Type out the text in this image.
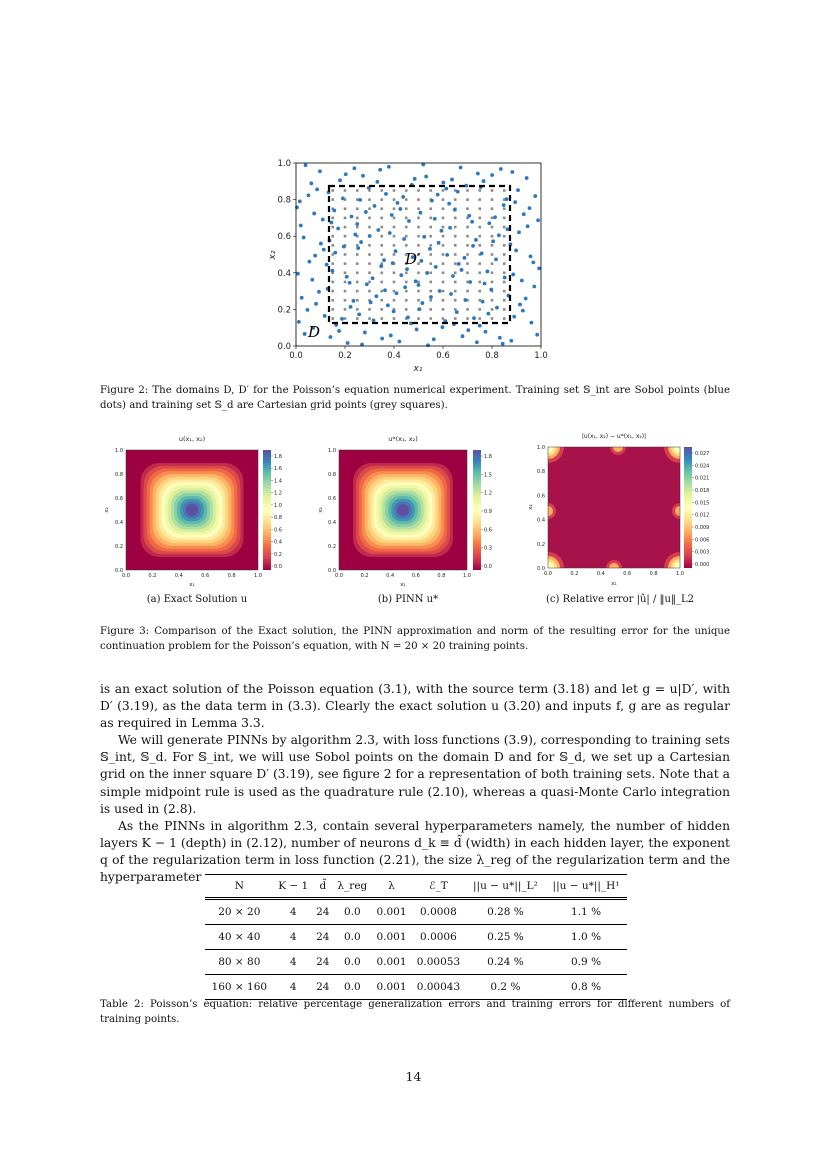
0.0	0.2	0.4	0.6	0.8	1.0
0.0
0.2
0.4
0.6
0.8
1.0
x₁
x₂	D′
D
Figure 2: The domains D, D′ for the Poisson’s equation numerical experiment. Training set 𝕊_int are Sobol points (blue dots) and training set 𝕊_d are Cartesian grid points (grey squares).
u(x₁, x₂)
1.8
1.6
1.4
1.2
1.0
0.8
0.6
0.4
0.2
0.0
0.0
0.0
0.2
0.2
0.4
0.4
0.6
0.6
0.8
0.8
1.0
1.0
x₁
x₂
u*(x₁, x₂)
1.8
1.5
1.2
0.9
0.6
0.3
0.0
0.0
0.0
0.2
0.2
0.4
0.4
0.6
0.6
0.8
0.8
1.0
1.0
x₁
x₂
|u(x₁, x₂) − u*(x₁, x₂)|
0.027
0.024
0.021
0.018
0.015
0.012
0.009
0.006
0.003
0.000
0.0
0.0
0.2
0.2
0.4
0.4
0.6
0.6
0.8
0.8
1.0
1.0
x₁
x₂
(a) Exact Solution u	(b) PINN u*	(c) Relative error |û| / ‖u‖_L2
Figure 3: Comparison of the Exact solution, the PINN approximation and norm of the resulting error for the unique continuation problem for the Poisson’s equation, with N = 20 × 20 training points.

is an exact solution of the Poisson equation (3.1), with the source term (3.18) and let g = u|D′, with D′ (3.19), as the data term in (3.3). Clearly the exact solution u (3.20) and inputs f, g are as regular as required in Lemma 3.3.

We will generate PINNs by algorithm 2.3, with loss functions (3.9), corresponding to training sets 𝕊_int, 𝕊_d. For 𝕊_int, we will use Sobol points on the domain D and for 𝕊_d, we set up a Cartesian grid on the inner square D′ (3.19), see figure 2 for a representation of both training sets. Note that a simple midpoint rule is used as the quadrature rule (2.10), whereas a quasi-Monte Carlo integration is used in (2.8).

As the PINNs in algorithm 2.3, contain several hyperparameters namely, the number of hidden layers K − 1 (depth) in (2.12), number of neurons d_k ≡ d̃ (width) in each hidden layer, the exponent q of the regularization term in loss function (2.21), the size λ_reg of the regularization term and the hyperparameter

N	K − 1	d̃	λ_reg	λ	ℰ_T	||u − u*||_L²	||u − u*||_H¹
20 × 20	4	24	0.0	0.001	0.0008	0.28 %	1.1 %
40 × 40	4	24	0.0	0.001	0.0006	0.25 %	1.0 %
80 × 80	4	24	0.0	0.001	0.00053	0.24 %	0.9 %
160 × 160	4	24	0.0	0.001	0.00043	0.2 %	0.8 %
Table 2: Poisson’s equation: relative percentage generalization errors and training errors for different numbers of training points.
14
